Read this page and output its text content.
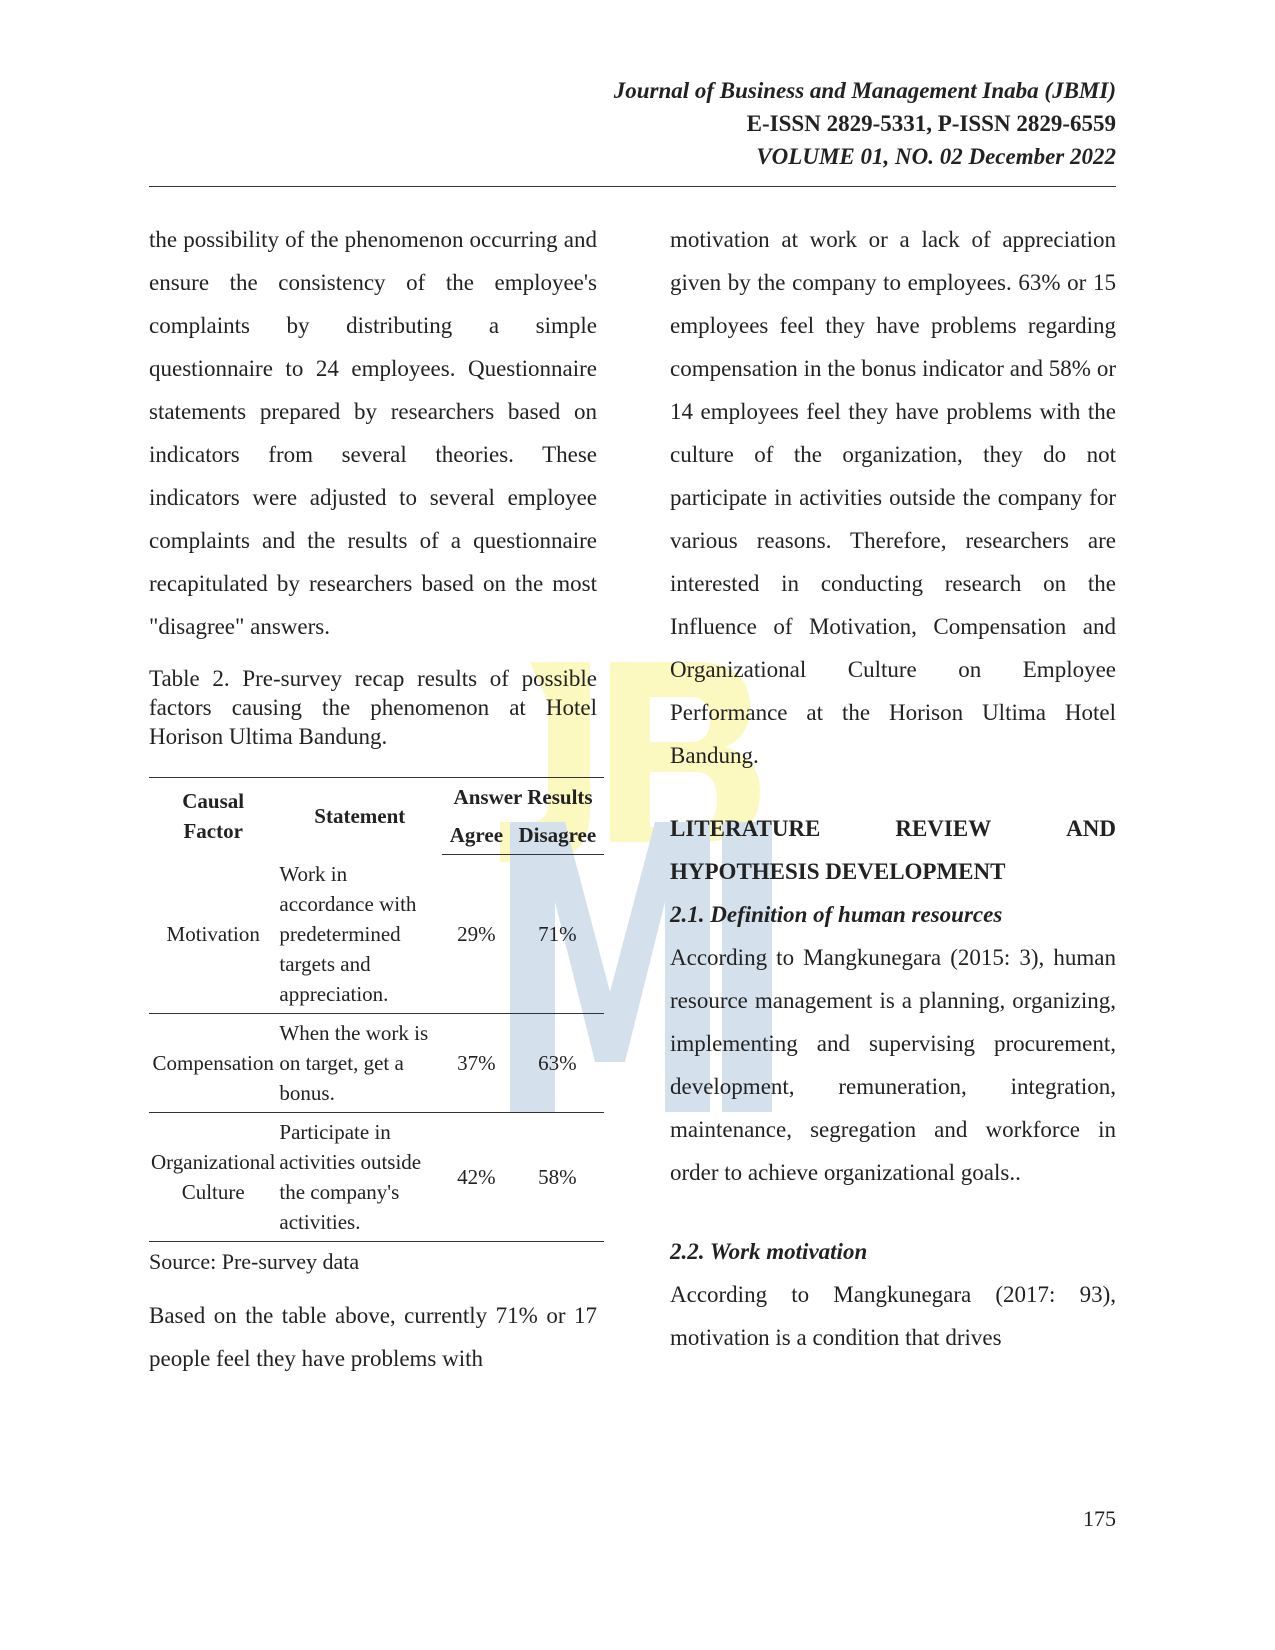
Journal of Business and Management Inaba (JBMI)
E-ISSN 2829-5331, P-ISSN 2829-6559
VOLUME 01, NO. 02 December 2022

the possibility of the phenomenon occurring and ensure the consistency of the employee's complaints by distributing a simple questionnaire to 24 employees. Questionnaire statements prepared by researchers based on indicators from several theories. These indicators were adjusted to several employee complaints and the results of a questionnaire recapitulated by researchers based on the most "disagree" answers.

Table 2. Pre-survey recap results of possible factors causing the phenomenon at Hotel Horison Ultima Bandung.

Causal Factor	Statement	Answer Results	
		Agree	Disagree
Motivation	Work in accordance with predetermined targets and appreciation.	29%	71%
Compensation	When the work is on target, get a bonus.	37%	63%
Organizational Culture	Participate in activities outside the company's activities.	42%	58%

Source: Pre-survey data

Based on the table above, currently 71% or 17 people feel they have problems with

motivation at work or a lack of appreciation given by the company to employees. 63% or 15 employees feel they have problems regarding compensation in the bonus indicator and 58% or 14 employees feel they have problems with the culture of the organization, they do not participate in activities outside the company for various reasons. Therefore, researchers are interested in conducting research on the Influence of Motivation, Compensation and Organizational Culture on Employee Performance at the Horison Ultima Hotel Bandung.

LITERATURE	REVIEW	AND
HYPOTHESIS DEVELOPMENT

2.1. Definition of human resources

According to Mangkunegara (2015: 3), human resource management is a planning, organizing, implementing and supervising procurement, development, remuneration, integration, maintenance, segregation and workforce in order to achieve organizational goals..

2.2. Work motivation

According to Mangkunegara (2017: 93), motivation is a condition that drives

175
